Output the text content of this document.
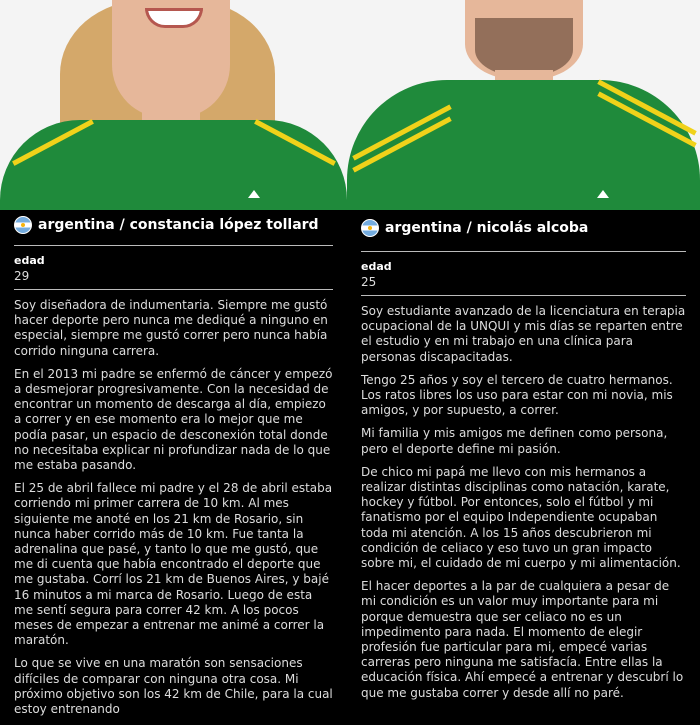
argentina / constancia lópez tollard
edad
29

Soy diseñadora de indumentaria. Siempre me gustó hacer deporte pero nunca me dediqué a ninguno en especial, siempre me gustó correr pero nunca había corrido ninguna carrera.

En el 2013 mi padre se enfermó de cáncer y empezó a desmejorar progresivamente. Con la necesidad de encontrar un momento de descarga al día, empiezo a correr y en ese momento era lo mejor que me podía pasar, un espacio de desconexión total donde no necesitaba explicar ni profundizar nada de lo que me estaba pasando.

El 25 de abril fallece mi padre y el 28 de abril estaba corriendo mi primer carrera de 10 km. Al mes siguiente me anoté en los 21 km de Rosario, sin nunca haber corrido más de 10 km. Fue tanta la adrenalina que pasé, y tanto lo que me gustó, que me di cuenta que había encontrado el deporte que me gustaba. Corrí los 21 km de Buenos Aires, y bajé 16 minutos a mi marca de Rosario. Luego de esta me sentí segura para correr 42 km. A los pocos meses de empezar a entrenar me animé a correr la maratón.

Lo que se vive en una maratón son sensaciones difíciles de comparar con ninguna otra cosa. Mi próximo objetivo son los 42 km de Chile, para la cual estoy entrenando

argentina / nicolás alcoba
edad
25

Soy estudiante avanzado de la licenciatura en terapia ocupacional de la UNQUI y mis días se reparten entre el estudio y en mi trabajo en una clínica para personas discapacitadas.

Tengo 25 años y soy el tercero de cuatro hermanos. Los ratos libres los uso para estar con mi novia, mis amigos, y por supuesto, a correr.

Mi familia y mis amigos me definen como persona, pero el deporte define mi pasión.

De chico mi papá me llevo con mis hermanos a realizar distintas disciplinas como natación, karate, hockey y fútbol. Por entonces, solo el fútbol y mi fanatismo por el equipo Independiente ocupaban toda mi atención. A los 15 años descubrieron mi condición de celiaco y eso tuvo un gran impacto sobre mi, el cuidado de mi cuerpo y mi alimentación.

El hacer deportes a la par de cualquiera a pesar de mi condición es un valor muy importante para mi porque demuestra que ser celiaco no es un impedimento para nada. El momento de elegir profesión fue particular para mi, empecé varias carreras pero ninguna me satisfacía. Entre ellas la educación física. Ahí empecé a entrenar y descubrí lo que me gustaba correr y desde allí no paré.
